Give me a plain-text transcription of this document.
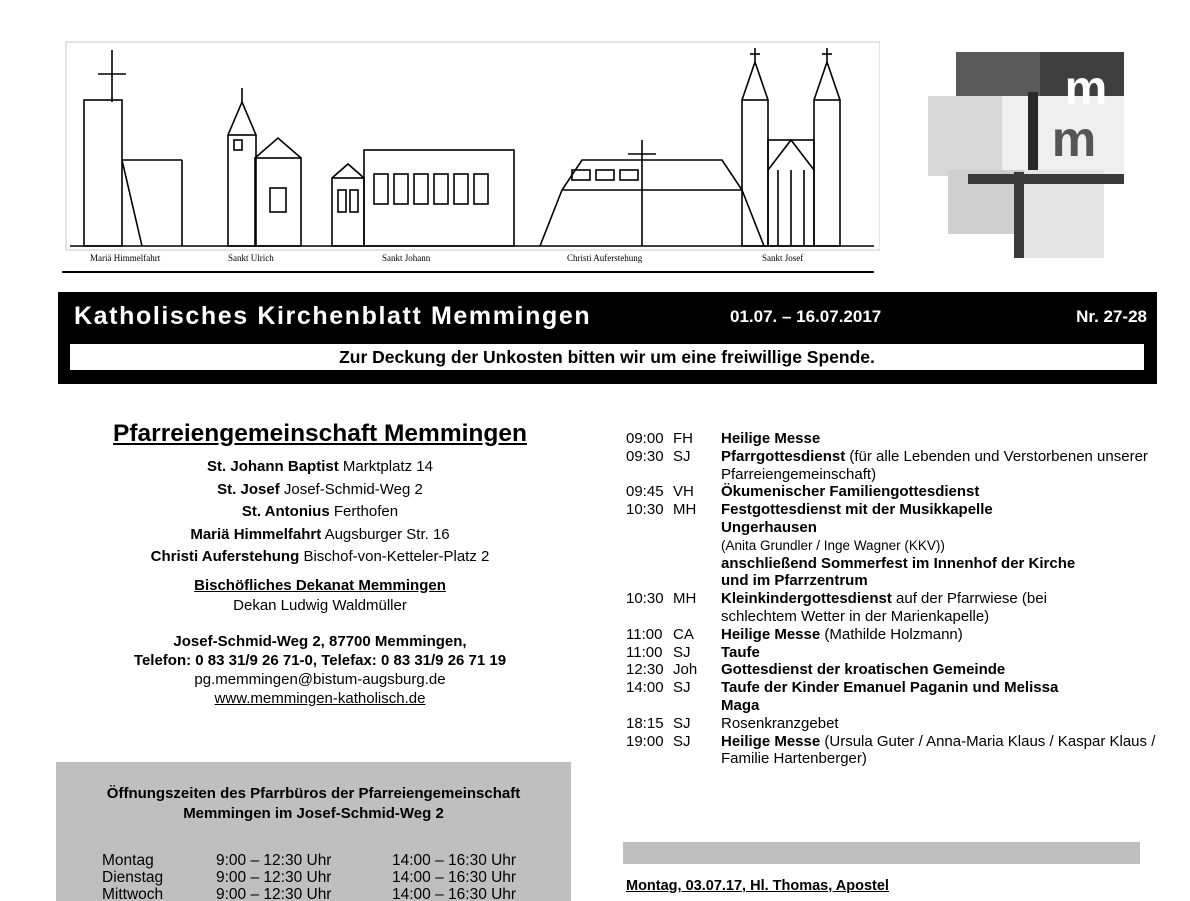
Mariä Himmelfahrt	Sankt Ulrich	Sankt Johann	Christi Auferstehung	Sankt Josef
m
m
Katholisches Kirchenblatt Memmingen	01.07. – 16.07.2017	Nr. 27-28
Zur Deckung der Unkosten bitten wir um eine freiwillige Spende.
Pfarreiengemeinschaft Memmingen
St. Johann Baptist Marktplatz 14
St. Josef Josef-Schmid-Weg 2
St. Antonius Ferthofen
Mariä Himmelfahrt Augsburger Str. 16
Christi Auferstehung Bischof-von-Ketteler-Platz 2
Bischöfliches Dekanat Memmingen
Dekan Ludwig Waldmüller
Josef-Schmid-Weg 2, 87700 Memmingen,
Telefon: 0 83 31/9 26 71-0, Telefax: 0 83 31/9 26 71 19
pg.memmingen@bistum-augsburg.de
www.memmingen-katholisch.de
Öffnungszeiten des Pfarrbüros der Pfarreiengemeinschaft
Memmingen im Josef-Schmid-Weg 2
Montag	9:00 – 12:30 Uhr	14:00 – 16:30 Uhr
Dienstag	9:00 – 12:30 Uhr	14:00 – 16:30 Uhr
Mittwoch	9:00 – 12:30 Uhr	14:00 – 16:30 Uhr
09:00 FH Heilige Messe
09:30 SJ Pfarrgottesdienst (für alle Lebenden und Verstorbenen unserer Pfarreiengemeinschaft)
09:45 VH Ökumenischer Familiengottesdienst
10:30 MH Festgottesdienst mit der Musikkapelle Ungerhausen
(Anita Grundler / Inge Wagner (KKV))
anschließend Sommerfest im Innenhof der Kirche und im Pfarrzentrum
10:30 MH Kleinkindergottesdienst auf der Pfarrwiese (bei schlechtem Wetter in der Marienkapelle)
11:00 CA Heilige Messe (Mathilde Holzmann)
11:00 SJ Taufe
12:30 Joh Gottesdienst der kroatischen Gemeinde
14:00 SJ Taufe der Kinder Emanuel Paganin und Melissa Maga
18:15 SJ Rosenkranzgebet
19:00 SJ Heilige Messe (Ursula Guter / Anna-Maria Klaus / Kaspar Klaus / Familie Hartenberger)
Montag, 03.07.17, Hl. Thomas, Apostel
